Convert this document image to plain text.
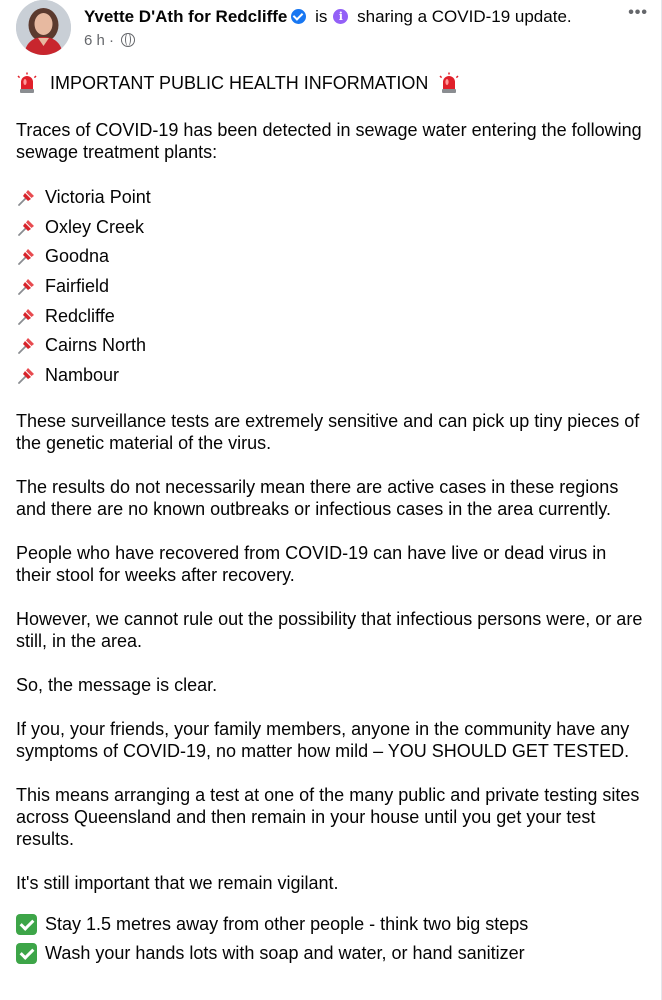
Yvette D'Ath for Redcliffe isi sharing a COVID-19 update.
6 h ·
•••
IMPORTANT PUBLIC HEALTH INFORMATION

Traces of COVID-19 has been detected in sewage water entering the following sewage treatment plants:

Victoria Point
Oxley Creek
Goodna
Fairfield
Redcliffe
Cairns North
Nambour

These surveillance tests are extremely sensitive and can pick up tiny pieces of the genetic material of the virus.

The results do not necessarily mean there are active cases in these regions and there are no known outbreaks or infectious cases in the area currently.

People who have recovered from COVID-19 can have live or dead virus in their stool for weeks after recovery.

However, we cannot rule out the possibility that infectious persons were, or are still, in the area.

So, the message is clear.

If you, your friends, your family members, anyone in the community have any symptoms of COVID-19, no matter how mild – YOU SHOULD GET TESTED.

This means arranging a test at one of the many public and private testing sites across Queensland and then remain in your house until you get your test results.

It's still important that we remain vigilant.

Stay 1.5 metres away from other people - think two big steps
Wash your hands lots with soap and water, or hand sanitizer
